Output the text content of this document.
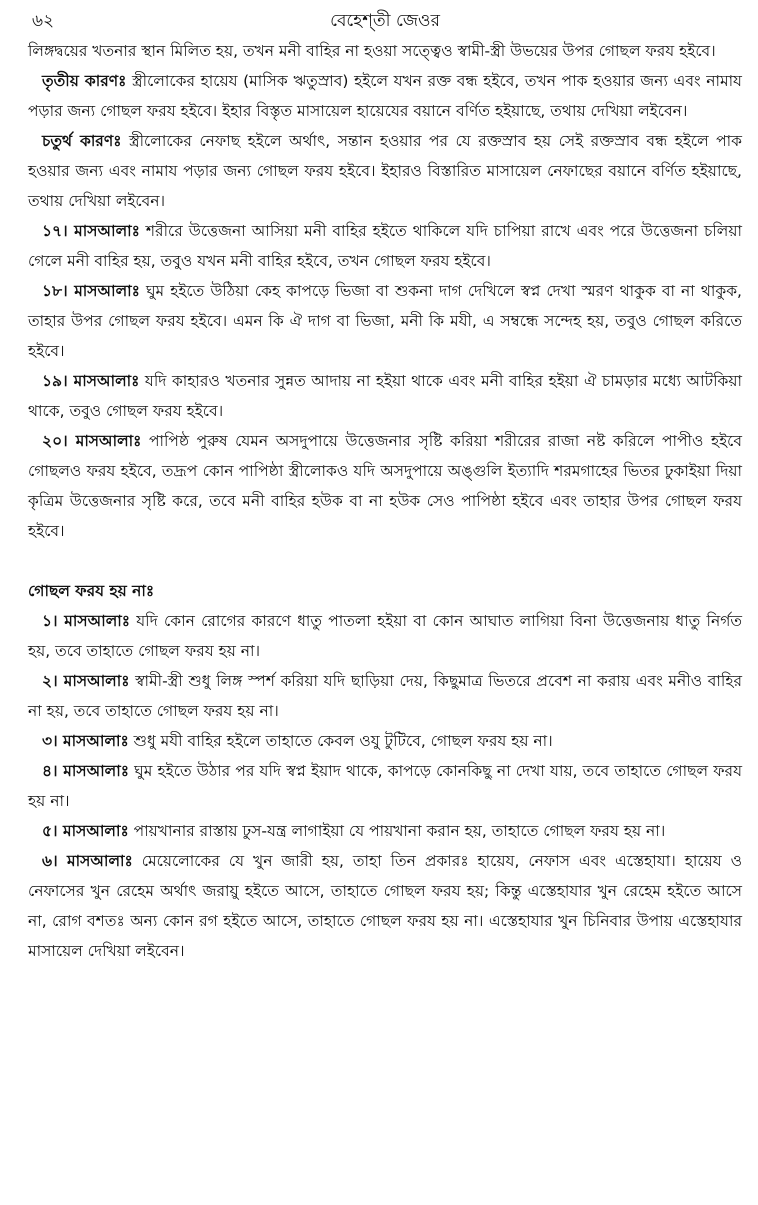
৬২	বেহেশ্‌তী জেওর

লিঙ্গদ্বয়ের খতনার স্থান মিলিত হয়, তখন মনী বাহির না হওয়া সত্ত্বেও স্বামী-স্ত্রী উভয়ের উপর গোছল ফরয হইবে।

তৃতীয় কারণঃ স্ত্রীলোকের হায়েয (মাসিক ঋতুস্রাব) হইলে যখন রক্ত বন্ধ হইবে, তখন পাক হওয়ার জন্য এবং নামায পড়ার জন্য গোছল ফরয হইবে। ইহার বিস্তৃত মাসায়েল হায়েযের বয়ানে বর্ণিত হইয়াছে, তথায় দেখিয়া লইবেন।

চতুর্থ কারণঃ স্ত্রীলোকের নেফাছ হইলে অর্থাৎ, সন্তান হওয়ার পর যে রক্তস্রাব হয় সেই রক্তস্রাব বন্ধ হইলে পাক হওয়ার জন্য এবং নামায পড়ার জন্য গোছল ফরয হইবে। ইহারও বিস্তারিত মাসায়েল নেফাছের বয়ানে বর্ণিত হইয়াছে, তথায় দেখিয়া লইবেন।

১৭। মাসআলাঃ শরীরে উত্তেজনা আসিয়া মনী বাহির হইতে থাকিলে যদি চাপিয়া রাখে এবং পরে উত্তেজনা চলিয়া গেলে মনী বাহির হয়, তবুও যখন মনী বাহির হইবে, তখন গোছল ফরয হইবে।

১৮। মাসআলাঃ ঘুম হইতে উঠিয়া কেহ কাপড়ে ভিজা বা শুকনা দাগ দেখিলে স্বপ্ন দেখা স্মরণ থাকুক বা না থাকুক, তাহার উপর গোছল ফরয হইবে। এমন কি ঐ দাগ বা ভিজা, মনী কি মযী, এ সম্বন্ধে সন্দেহ হয়, তবুও গোছল করিতে হইবে।

১৯। মাসআলাঃ যদি কাহারও খতনার সুন্নত আদায় না হইয়া থাকে এবং মনী বাহির হইয়া ঐ চামড়ার মধ্যে আটকিয়া থাকে, তবুও গোছল ফরয হইবে।

২০। মাসআলাঃ পাপিষ্ঠ পুরুষ যেমন অসদুপায়ে উত্তেজনার সৃষ্টি করিয়া শরীরের রাজা নষ্ট করিলে পাপীও হইবে গোছলও ফরয হইবে, তদ্রূপ কোন পাপিষ্ঠা স্ত্রীলোকও যদি অসদুপায়ে অঙ্গুলি ইত্যাদি শরমগাহের ভিতর ঢুকাইয়া দিয়া কৃত্রিম উত্তেজনার সৃষ্টি করে, তবে মনী বাহির হউক বা না হউক সেও পাপিষ্ঠা হইবে এবং তাহার উপর গোছল ফরয হইবে।

গোছল ফরয হয় নাঃ

১। মাসআলাঃ যদি কোন রোগের কারণে ধাতু পাতলা হইয়া বা কোন আঘাত লাগিয়া বিনা উত্তেজনায় ধাতু নির্গত হয়, তবে তাহাতে গোছল ফরয হয় না।

২। মাসআলাঃ স্বামী-স্ত্রী শুধু লিঙ্গ স্পর্শ করিয়া যদি ছাড়িয়া দেয়, কিছুমাত্র ভিতরে প্রবেশ না করায় এবং মনীও বাহির না হয়, তবে তাহাতে গোছল ফরয হয় না।

৩। মাসআলাঃ শুধু মযী বাহির হইলে তাহাতে কেবল ওযু টুটিবে, গোছল ফরয হয় না।

৪। মাসআলাঃ ঘুম হইতে উঠার পর যদি স্বপ্ন ইয়াদ থাকে, কাপড়ে কোনকিছু না দেখা যায়, তবে তাহাতে গোছল ফরয হয় না।

৫। মাসআলাঃ পায়খানার রাস্তায় ঢুস-যন্ত্র লাগাইয়া যে পায়খানা করান হয়, তাহাতে গোছল ফরয হয় না।

৬। মাসআলাঃ মেয়েলোকের যে খুন জারী হয়, তাহা তিন প্রকারঃ হায়েয, নেফাস এবং এস্তেহাযা। হায়েয ও নেফাসের খুন রেহেম অর্থাৎ জরায়ু হইতে আসে, তাহাতে গোছল ফরয হয়; কিন্তু এস্তেহাযার খুন রেহেম হইতে আসে না, রোগ বশতঃ অন্য কোন রগ হইতে আসে, তাহাতে গোছল ফরয হয় না। এস্তেহাযার খুন চিনিবার উপায় এস্তেহাযার মাসায়েল দেখিয়া লইবেন।
